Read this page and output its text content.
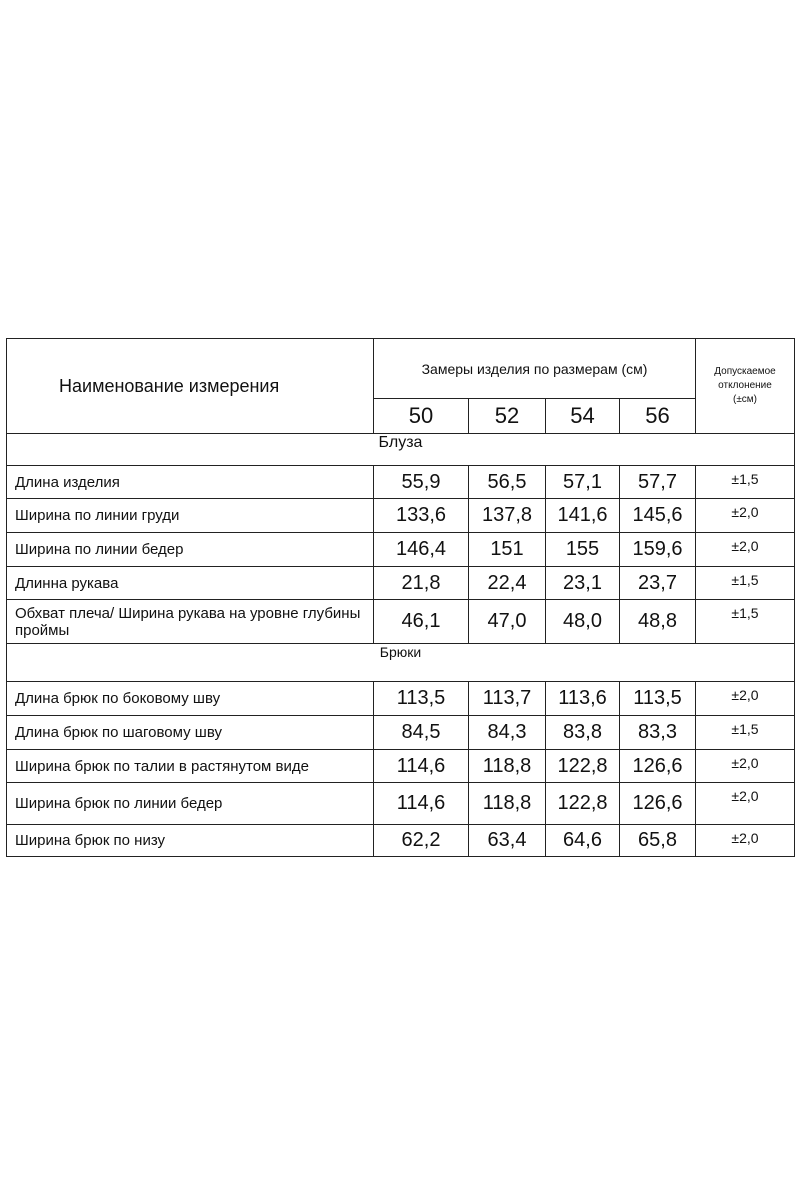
Наименование измерения	Замеры изделия по размерам (см)				Допускаемое
отклонение
(±см)

	50	52	54	56	
Блуза					
Длина изделия	55,9	56,5	57,1	57,7	±1,5
Ширина по линии груди	133,6	137,8	141,6	145,6	±2,0
Ширина по линии бедер	146,4	151	155	159,6	±2,0
Длинна рукава	21,8	22,4	23,1	23,7	±1,5
Обхват плеча/ Ширина рукава на уровне глубины проймы	46,1	47,0	48,0	48,8	±1,5
Брюки					
Длина брюк по боковому шву	113,5	113,7	113,6	113,5	±2,0
Длина брюк по шаговому шву	84,5	84,3	83,8	83,3	±1,5
Ширина брюк по талии в растянутом виде	114,6	118,8	122,8	126,6	±2,0
Ширина брюк по линии бедер	114,6	118,8	122,8	126,6	±2,0
Ширина брюк по низу	62,2	63,4	64,6	65,8	±2,0
